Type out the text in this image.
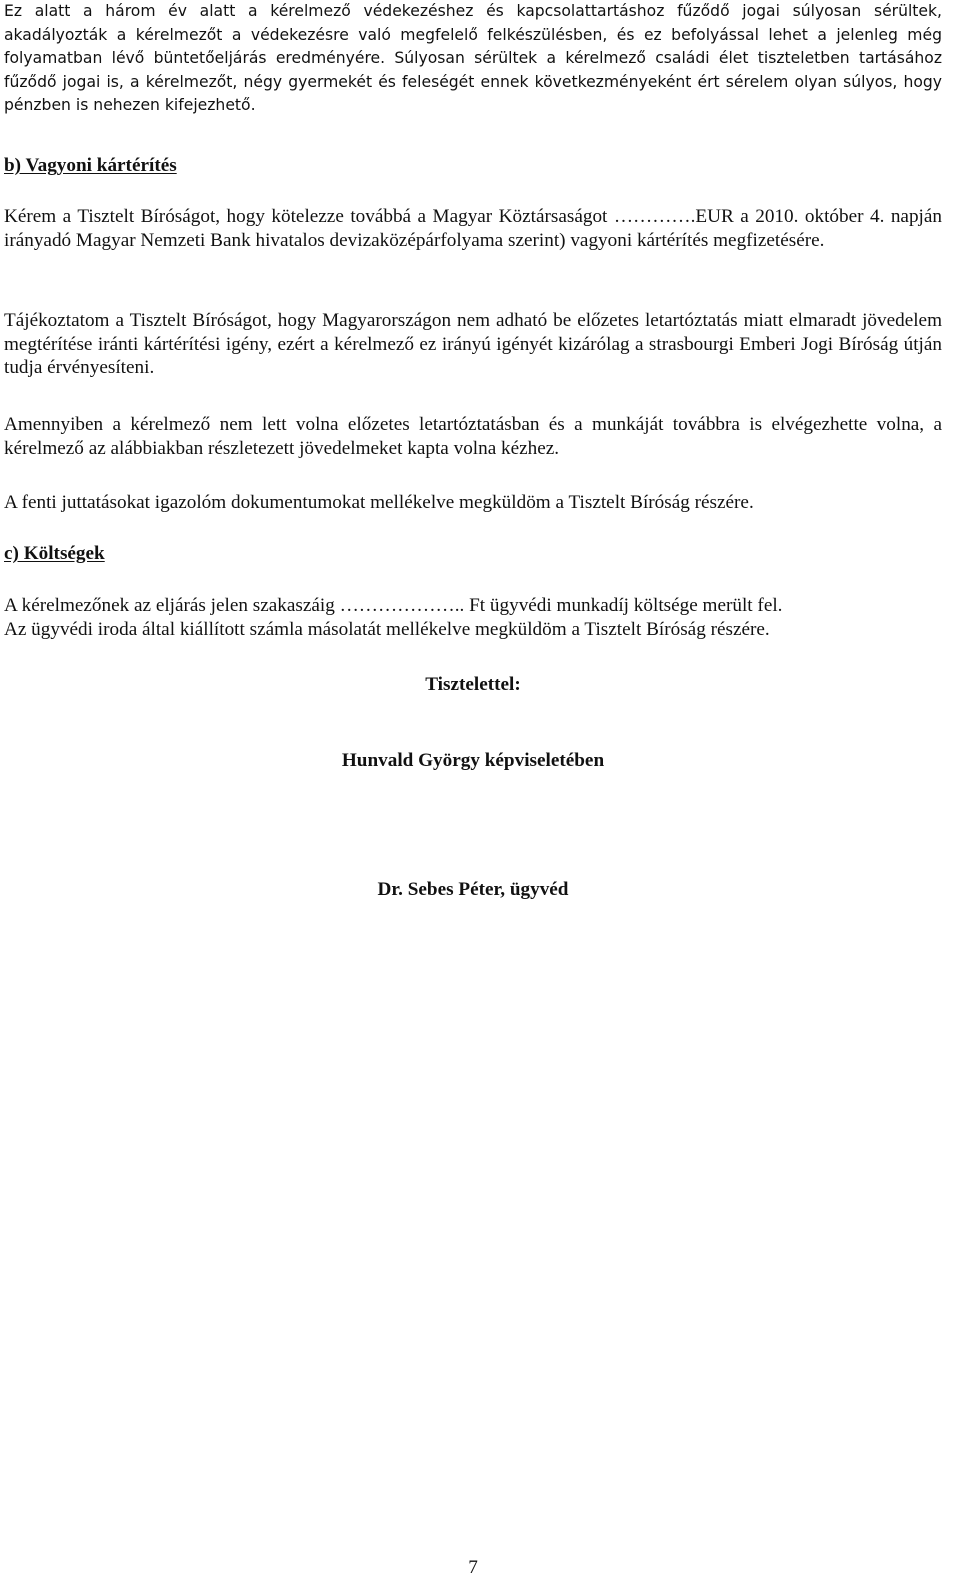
Ez alatt a három év alatt a kérelmező védekezéshez és kapcsolattartáshoz fűződő jogai súlyosan sérültek, akadályozták a kérelmezőt a védekezésre való megfelelő felkészülésben, és ez befolyással lehet a jelenleg még folyamatban lévő büntetőeljárás eredményére. Súlyosan sérültek a kérelmező családi élet tiszteletben tartásához fűződő jogai is, a kérelmezőt, négy gyermekét és feleségét ennek következményeként ért sérelem olyan súlyos, hogy pénzben is nehezen kifejezhető.

b) Vagyoni kártérítés

Kérem a Tisztelt Bíróságot, hogy kötelezze továbbá a Magyar Köztársaságot ………….EUR a 2010. október 4. napján irányadó Magyar Nemzeti Bank hivatalos devizaközépárfolyama szerint) vagyoni kártérítés megfizetésére.

Tájékoztatom a Tisztelt Bíróságot, hogy Magyarországon nem adható be előzetes letartóztatás miatt elmaradt jövedelem megtérítése iránti kártérítési igény, ezért a kérelmező ez irányú igényét kizárólag a strasbourgi Emberi Jogi Bíróság útján tudja érvényesíteni.

Amennyiben a kérelmező nem lett volna előzetes letartóztatásban és a munkáját továbbra is elvégezhette volna, a kérelmező az alábbiakban részletezett jövedelmeket kapta volna kézhez.

A fenti juttatásokat igazolóm dokumentumokat mellékelve megküldöm a Tisztelt Bíróság részére.

c) Költségek

A kérelmezőnek az eljárás jelen szakaszáig ……………….. Ft ügyvédi munkadíj költsége merült fel.
Az ügyvédi iroda által kiállított számla másolatát mellékelve megküldöm a Tisztelt Bíróság részére.
Tisztelettel:
Hunvald György képviseletében
Dr. Sebes Péter, ügyvéd
7
